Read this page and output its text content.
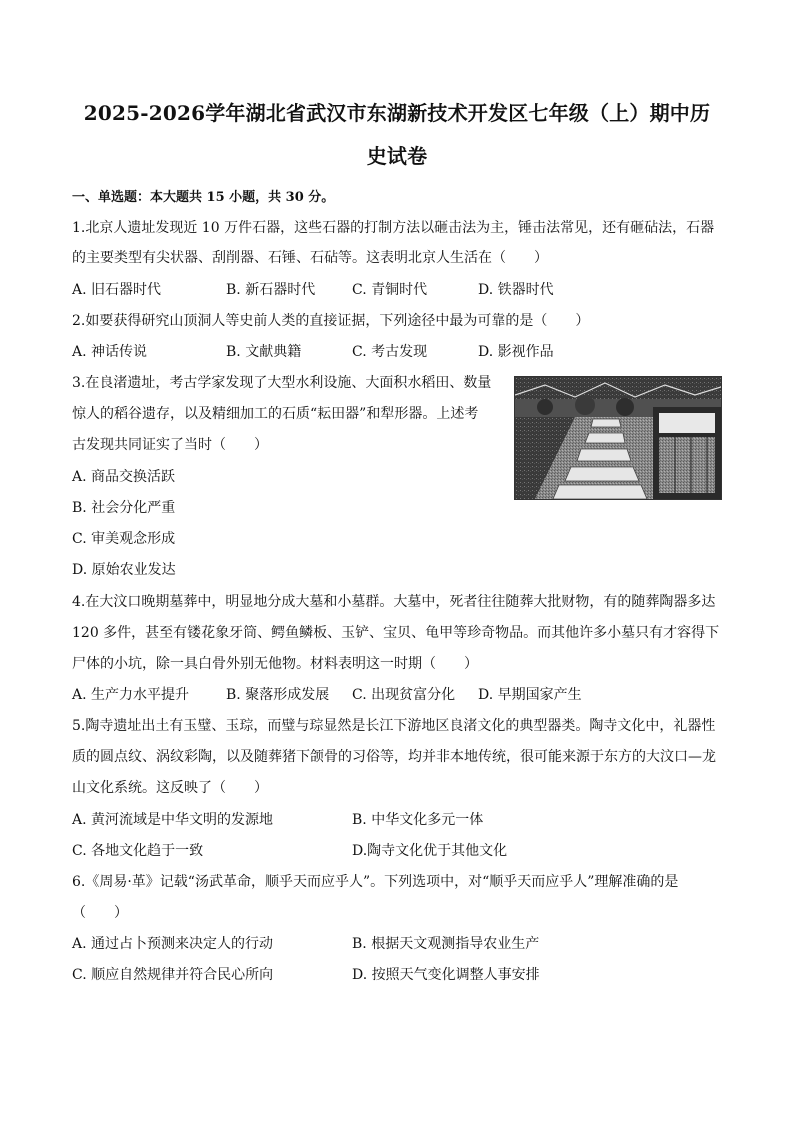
2025-2026学年湖北省武汉市东湖新技术开发区七年级（上）期中历
史试卷
一、单选题：本大题共 15 小题，共 30 分。
1.北京人遗址发现近 10 万件石器，这些石器的打制方法以砸击法为主，锤击法常见，还有砸砧法，石器
的主要类型有尖状器、刮削器、石锤、石砧等。这表明北京人生活在（　　）
A. 旧石器时代	B. 新石器时代	C. 青铜时代	D. 铁器时代
2.如要获得研究山顶洞人等史前人类的直接证据，下列途径中最为可靠的是（　　）
A. 神话传说	B. 文献典籍	C. 考古发现	D. 影视作品
3.在良渚遗址，考古学家发现了大型水利设施、大面积水稻田、数量
惊人的稻谷遗存，以及精细加工的石质“耘田器”和犁形器。上述考
古发现共同证实了当时（　　）
A. 商品交换活跃
B. 社会分化严重
C. 审美观念形成
D. 原始农业发达
4.在大汶口晚期墓葬中，明显地分成大墓和小墓群。大墓中，死者往往随葬大批财物，有的随葬陶器多达
120 多件，甚至有镂花象牙筒、鳄鱼鳞板、玉铲、宝贝、龟甲等珍奇物品。而其他许多小墓只有才容得下
尸体的小坑，除一具白骨外别无他物。材料表明这一时期（　　）
A. 生产力水平提升	B. 聚落形成发展 C. 出现贫富分化 D. 早期国家产生
5.陶寺遗址出土有玉璧、玉琮，而璧与琮显然是长江下游地区良渚文化的典型器类。陶寺文化中，礼器性
质的圆点纹、涡纹彩陶，以及随葬猪下颌骨的习俗等，均并非本地传统，很可能来源于东方的大汶口—龙
山文化系统。这反映了（　　）
A. 黄河流域是中华文明的发源地	B. 中华文化多元一体
C. 各地文化趋于一致	D.陶寺文化优于其他文化
6.《周易·革》记载“汤武革命，顺乎天而应乎人”。下列选项中，对“顺乎天而应乎人”理解准确的是
（　　）
A. 通过占卜预测来决定人的行动	B. 根据天文观测指导农业生产
C. 顺应自然规律并符合民心所向	D. 按照天气变化调整人事安排
